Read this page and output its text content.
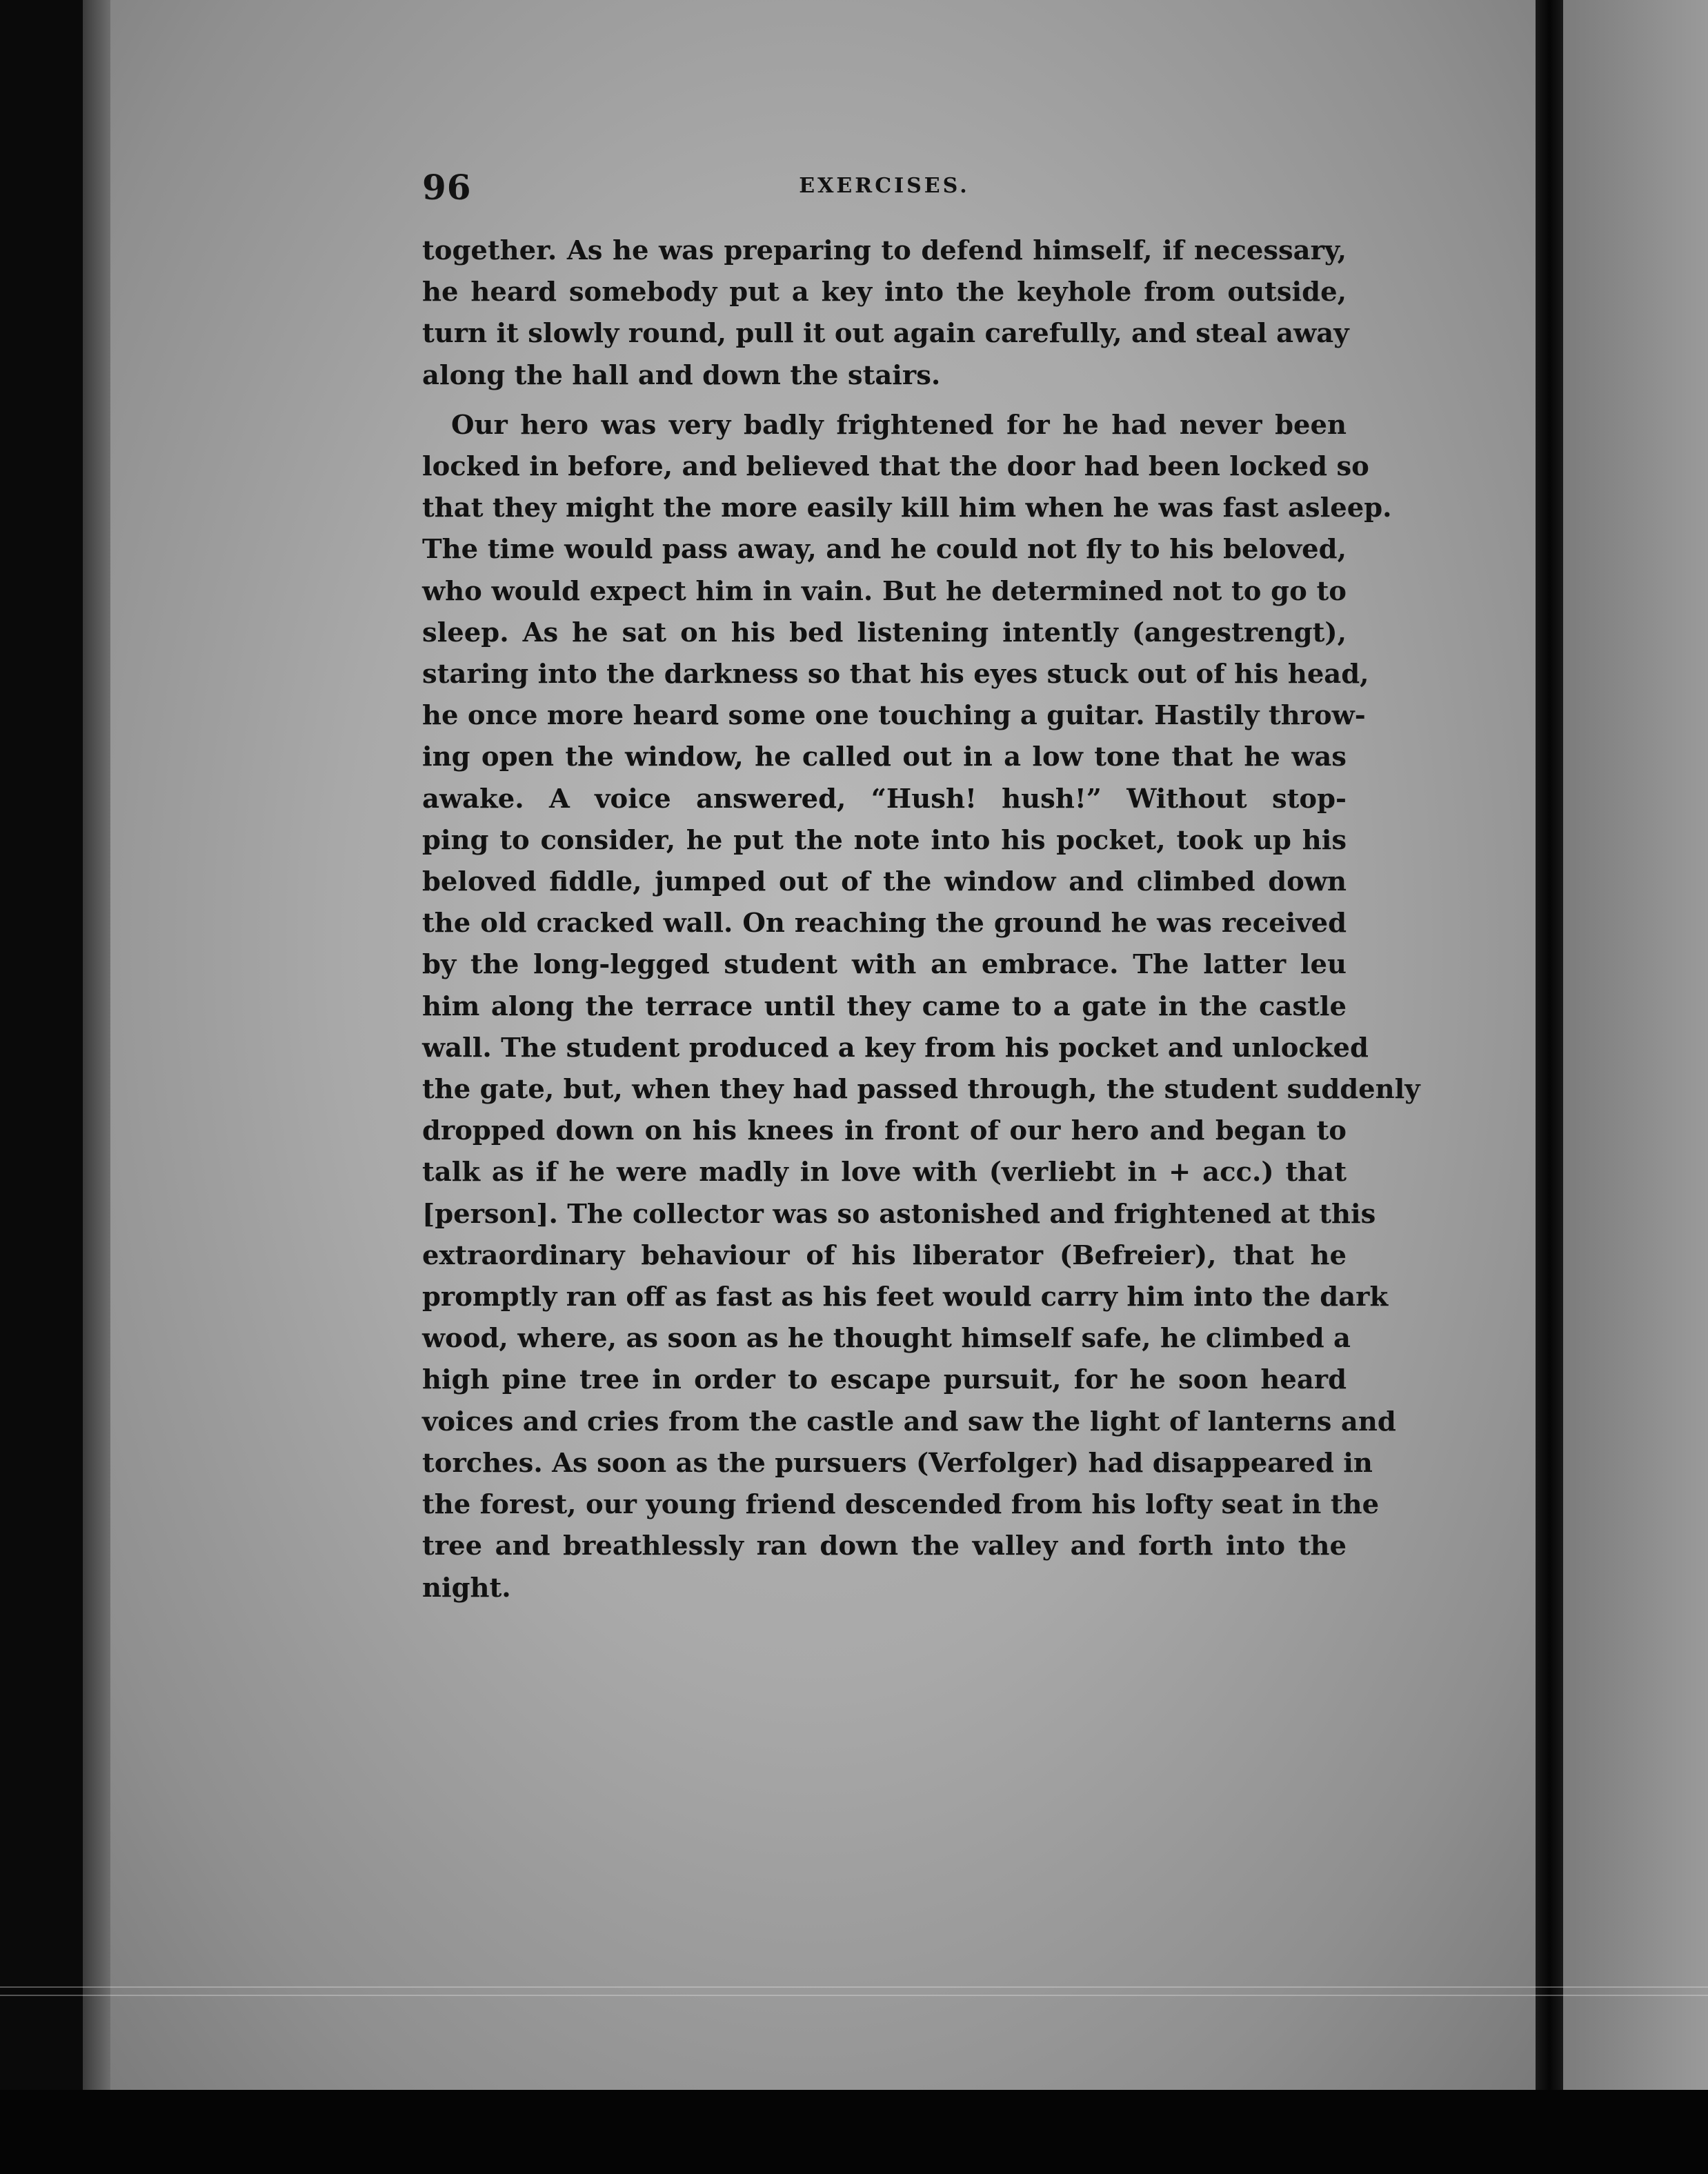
96	EXERCISES.
together. As he was preparing to defend himself, if necessary,
he heard somebody put a key into the keyhole from outside,
turn it slowly round, pull it out again carefully, and steal away
along the hall and down the stairs.
Our hero was very badly frightened for he had never been
locked in before, and believed that the door had been locked so
that they might the more easily kill him when he was fast asleep.
The time would pass away, and he could not fly to his beloved,
who would expect him in vain. But he determined not to go to
sleep. As he sat on his bed listening intently (angestrengt),
staring into the darkness so that his eyes stuck out of his head,
he once more heard some one touching a guitar. Hastily throw-
ing open the window, he called out in a low tone that he was
awake. A voice answered, “Hush! hush!” Without stop-
ping to consider, he put the note into his pocket, took up his
beloved fiddle, jumped out of the window and climbed down
the old cracked wall. On reaching the ground he was received
by the long-legged student with an embrace. The latter leu
him along the terrace until they came to a gate in the castle
wall. The student produced a key from his pocket and unlocked
the gate, but, when they had passed through, the student suddenly
dropped down on his knees in front of our hero and began to
talk as if he were madly in love with (verliebt in + acc.) that
[person]. The collector was so astonished and frightened at this
extraordinary behaviour of his liberator (Befreier), that he
promptly ran off as fast as his feet would carry him into the dark
wood, where, as soon as he thought himself safe, he climbed a
high pine tree in order to escape pursuit, for he soon heard
voices and cries from the castle and saw the light of lanterns and
torches. As soon as the pursuers (Verfolger) had disappeared in
the forest, our young friend descended from his lofty seat in the
tree and breathlessly ran down the valley and forth into the
night.
